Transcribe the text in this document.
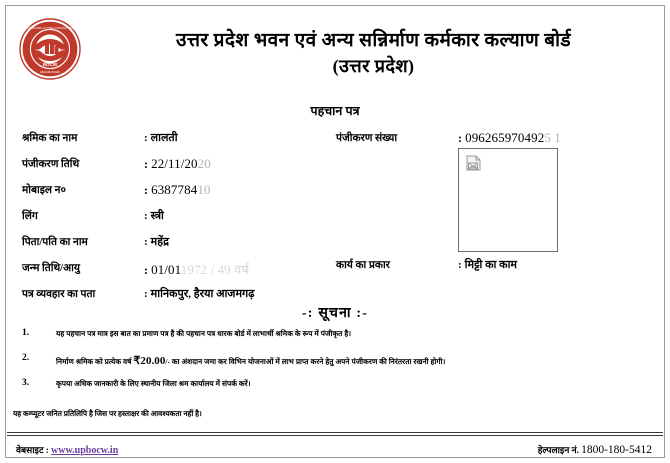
BOCW
U.P. BUILDING & OTHER CONSTRUCTION
WELFARE BOARD
उत्तर प्रदेश भवन एवं अन्य सन्निर्माण कर्मकार कल्याण बोर्ड
(उत्तर प्रदेश)
पहचान पत्र
श्रमिक का नाम	: लालती
पंजीकरण तिथि	: 22/11/2020
मोबाइल न०	: 638778410
लिंग	: स्त्री
पिता/पति का नाम	: महेंद्र
जन्म तिथि/आयु	: 01/011972 / 49 वर्ष
पत्र व्यवहार का पता	: मानिकपुर, हैरया आजमगढ़
पंजीकरण संख्या	: 0962659704925 1
कार्य का प्रकार	: मिट्टी का काम
-: सूचना :-
1.	यह पहचान पत्र मात्र इस बात का प्रमाण पत्र है की पहचान पत्र धारक बोर्ड में लाभार्थी श्रमिक के रूप में पंजीकृत है।
2.	निर्माण श्रमिक को प्रत्येक वर्ष ₹20.00/- का अंशदान जमा कर विभिन योजनाओं में लाभ प्राप्त करने हेतु अपने पंजीकरण की निरंतरता रखनी होगी।
3.	कृपया अधिक जानकारी के लिए स्थानीय जिला श्रम कार्यालय में संपर्क करें।
यह कम्प्यूटर जनित प्रतिलिपि है जिस पर हस्ताक्षर की आवश्यकता नहीं है।
वेबसाइट : www.upbocw.in	हेल्पलाइन नं. 1800-180-5412
